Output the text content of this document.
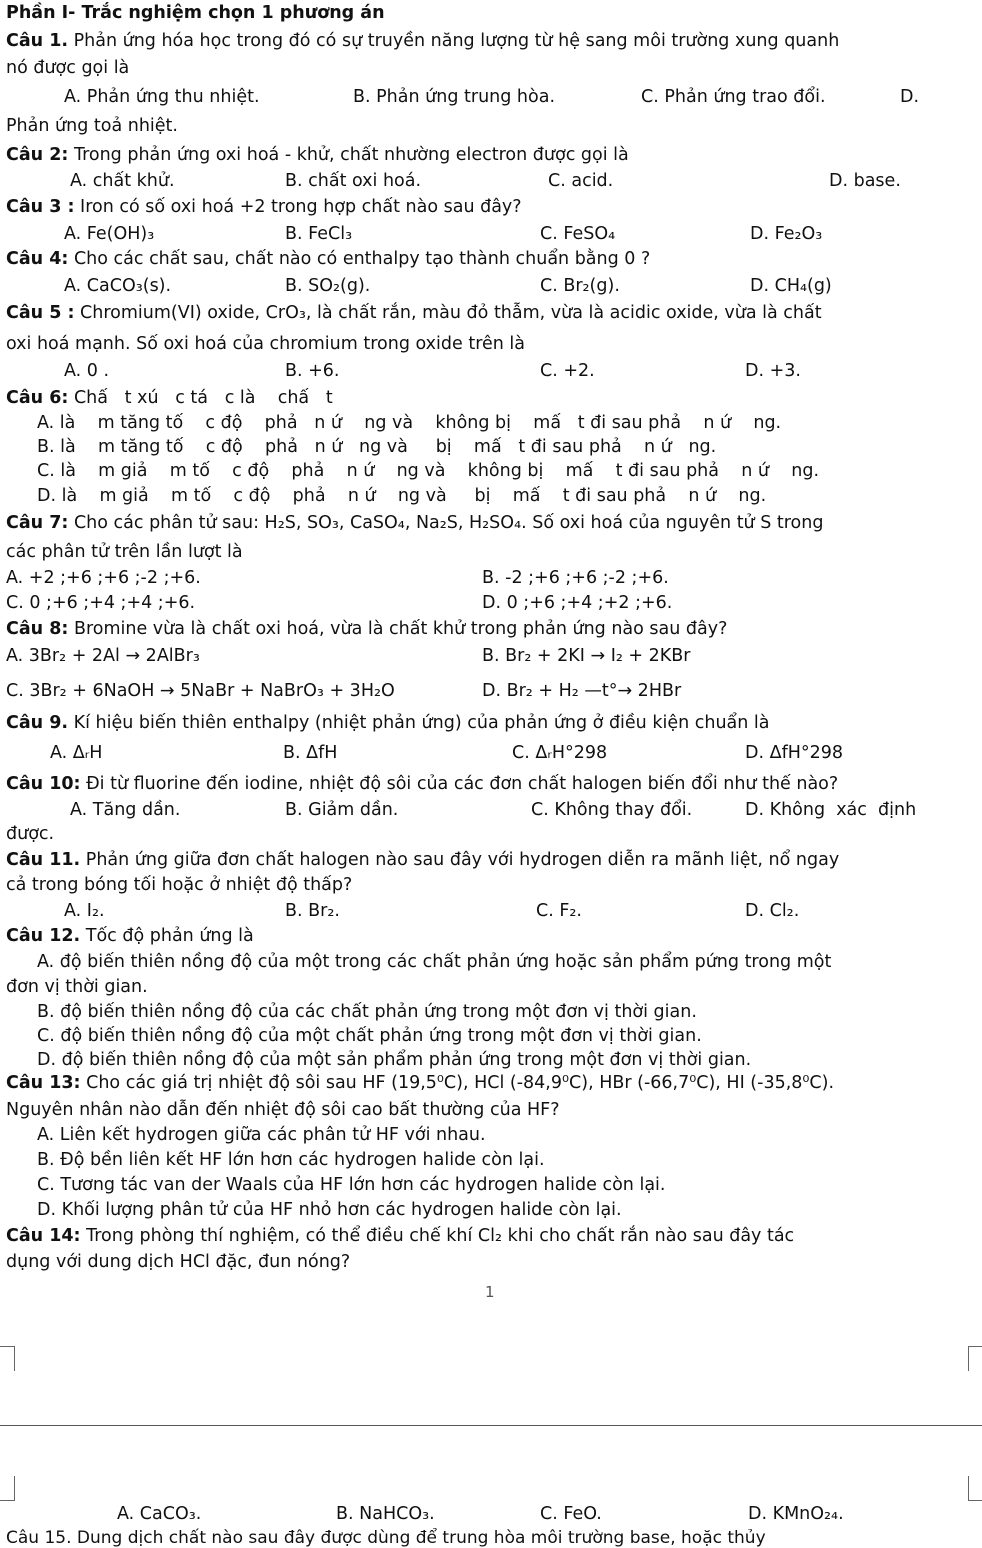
Phần I- Trắc nghiệm chọn 1 phương án
Câu 1. Phản ứng hóa học trong đó có sự truyền năng lượng từ hệ sang môi trường xung quanh
nó được gọi là
A. Phản ứng thu nhiệt.	B. Phản ứng trung hòa.	C. Phản ứng trao đổi.	D.
Phản ứng toả nhiệt.
Câu 2: Trong phản ứng oxi hoá - khử, chất nhường electron được gọi là
A. chất khử.	B. chất oxi hoá.	C. acid.	D. base.
Câu 3 : Iron có số oxi hoá +2 trong hợp chất nào sau đây?
A. Fe(OH)₃	B. FeCl₃	C. FeSO₄	D. Fe₂O₃
Câu 4: Cho các chất sau, chất nào có enthalpy tạo thành chuẩn bằng 0 ?
A. CaCO₃(s).	B. SO₂(g).	C. Br₂(g).	D. CH₄(g)
Câu 5 : Chromium(VI) oxide, CrO₃, là chất rắn, màu đỏ thẫm, vừa là acidic oxide, vừa là chất
oxi hoá mạnh. Số oxi hoá của chromium trong oxide trên là
A. 0 .	B. +6.	C. +2.	D. +3.
Câu 6: Chấ   t xú   c tá   c là    chấ   t
A. là    m tăng tố    c độ    phả   n ứ    ng và    không bị    mấ   t đi sau phả    n ứ    ng.
B. là    m tăng tố    c độ    phả   n ứ   ng và     bị    mấ   t đi sau phả    n ứ   ng.
C. là    m giả    m tố    c độ    phả    n ứ    ng và    không bị    mấ    t đi sau phả    n ứ    ng.
D. là    m giả    m tố    c độ    phả    n ứ    ng và     bị    mấ    t đi sau phả    n ứ    ng.
Câu 7: Cho các phân tử sau: H₂S, SO₃, CaSO₄, Na₂S, H₂SO₄. Số oxi hoá của nguyên tử S trong
các phân tử trên lần lượt là
A. +2 ;+6 ;+6 ;-2 ;+6.	B. -2 ;+6 ;+6 ;-2 ;+6.
C. 0 ;+6 ;+4 ;+4 ;+6.	D. 0 ;+6 ;+4 ;+2 ;+6.
Câu 8: Bromine vừa là chất oxi hoá, vừa là chất khử trong phản ứng nào sau đây?
A. 3Br₂ + 2Al → 2AlBr₃	B. Br₂ + 2KI → I₂ + 2KBr
C. 3Br₂ + 6NaOH → 5NaBr + NaBrO₃ + 3H₂O	D. Br₂ + H₂ —t°→ 2HBr
Câu 9. Kí hiệu biến thiên enthalpy (nhiệt phản ứng) của phản ứng ở điều kiện chuẩn là
A. ΔᵣH	B. ΔfH	C. ΔᵣH°298	D. ΔfH°298
Câu 10: Đi từ fluorine đến iodine, nhiệt độ sôi của các đơn chất halogen biến đổi như thế nào?
A. Tăng dần.	B. Giảm dần.	C. Không thay đổi.	D. Không  xác  định
được.
Câu 11. Phản ứng giữa đơn chất halogen nào sau đây với hydrogen diễn ra mãnh liệt, nổ ngay
cả trong bóng tối hoặc ở nhiệt độ thấp?
A. I₂.	B. Br₂.	C. F₂.	D. Cl₂.
Câu 12. Tốc độ phản ứng là
A. độ biến thiên nồng độ của một trong các chất phản ứng hoặc sản phẩm pứng trong một
đơn vị thời gian.
B. độ biến thiên nồng độ của các chất phản ứng trong một đơn vị thời gian.
C. độ biến thiên nồng độ của một chất phản ứng trong một đơn vị thời gian.
D. độ biến thiên nồng độ của một sản phẩm phản ứng trong một đơn vị thời gian.
Câu 13: Cho các giá trị nhiệt độ sôi sau HF (19,5⁰C), HCl (-84,9⁰C), HBr (-66,7⁰C), HI (-35,8⁰C).
Nguyên nhân nào dẫn đến nhiệt độ sôi cao bất thường của HF?
A. Liên kết hydrogen giữa các phân tử HF với nhau.
B. Độ bền liên kết HF lớn hơn các hydrogen halide còn lại.
C. Tương tác van der Waals của HF lớn hơn các hydrogen halide còn lại.
D. Khối lượng phân tử của HF nhỏ hơn các hydrogen halide còn lại.
Câu 14: Trong phòng thí nghiệm, có thể điều chế khí Cl₂ khi cho chất rắn nào sau đây tác
dụng với dung dịch HCl đặc, đun nóng?
1
A. CaCO₃.	B. NaHCO₃.	C. FeO.	D. KMnO₂₄.
Câu 15. Dung dịch chất nào sau đây được dùng để trung hòa môi trường base, hoặc thủy
